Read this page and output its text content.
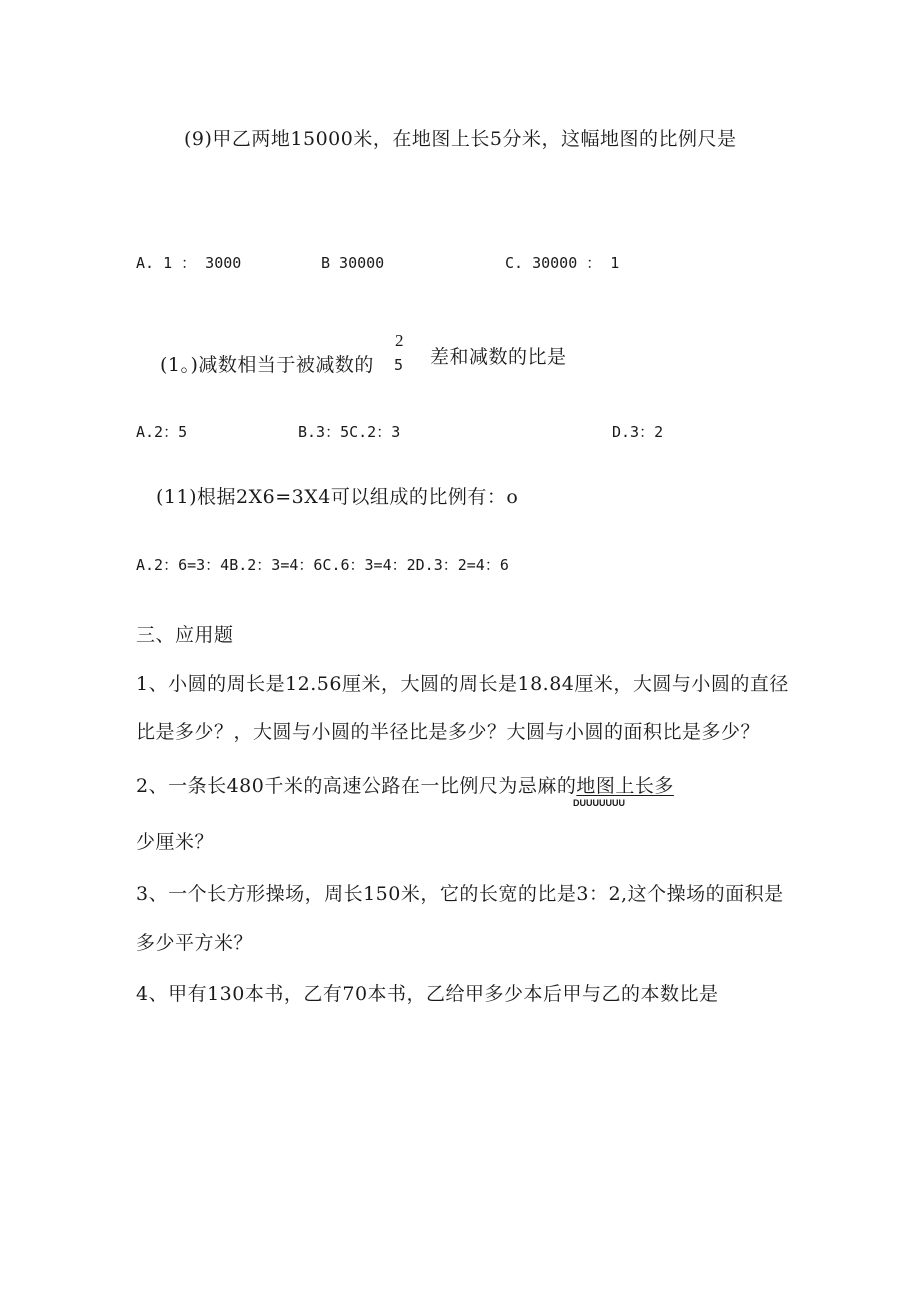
(9)甲乙两地15000米，在地图上长5分米，这幅地图的比例尺是
A. 1 ： 3000	B 30000	C. 30000 ： 1
(1。)减数相当于被减数的
2
5 差和减数的比是
A.2：5	B.3：5C.2：3	D.3：2
(11)根据2X6=3X4可以组成的比例有：o
A.2：6=3：4B.2：3=4：6C.6：3=4：2D.3：2=4：6
三、应用题
1、小圆的周长是12.56厘米，大圆的周长是18.84厘米，大圆与小圆的直径
比是多少？，大圆与小圆的半径比是多少？大圆与小圆的面积比是多少？
2、一条长480千米的高速公路在一比例尺为忌麻的地图上长多
DUUUUUUU
少厘米？
3、一个长方形操场，周长150米，它的长宽的比是3：2,这个操场的面积是
多少平方米？
4、甲有130本书，乙有70本书，乙给甲多少本后甲与乙的本数比是
